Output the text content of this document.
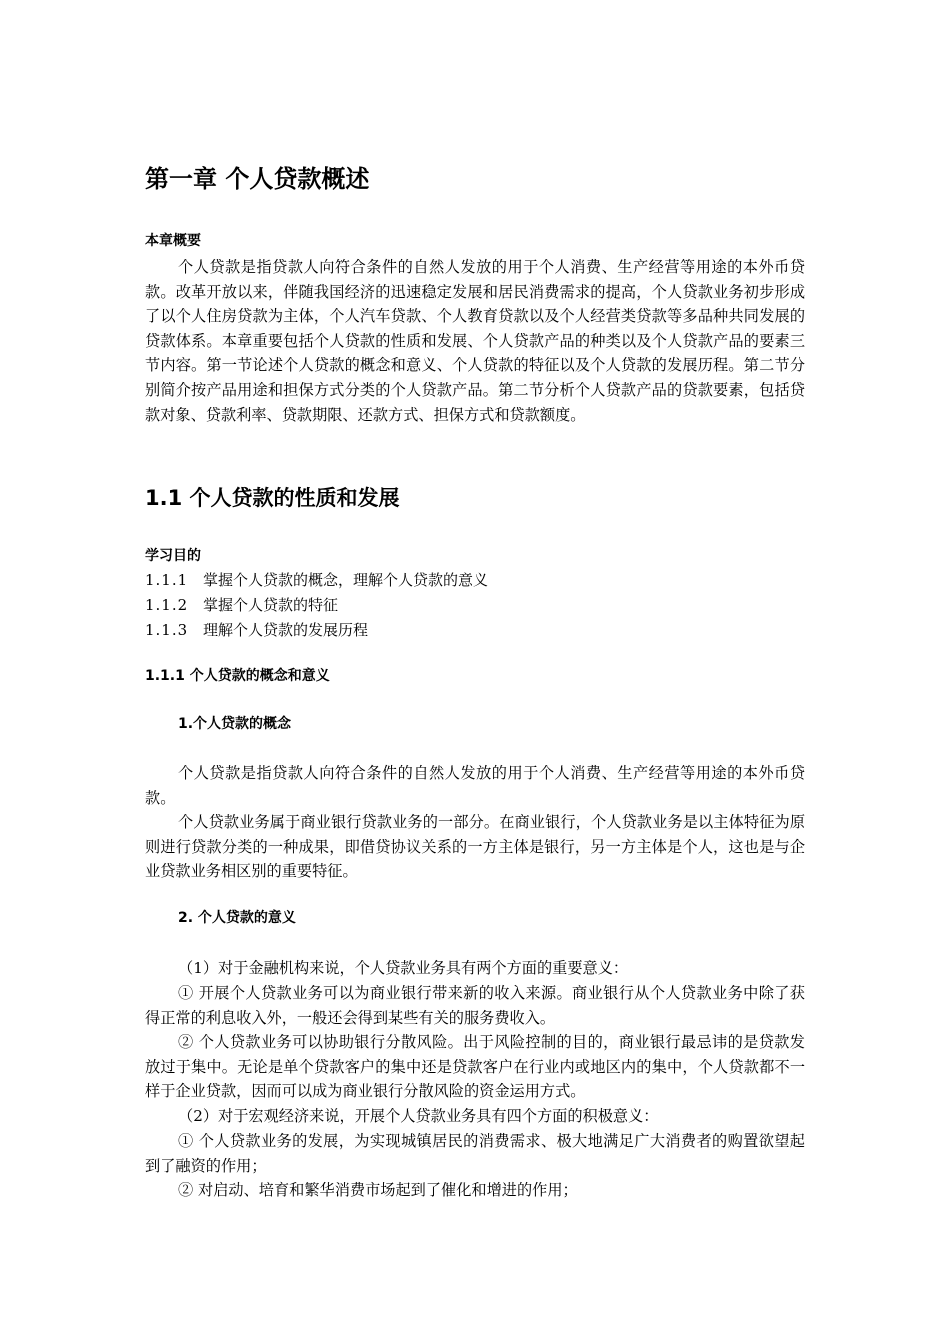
第一章 个人贷款概述
本章概要

个人贷款是指贷款人向符合条件的自然人发放的用于个人消费、生产经营等用途的本外币贷款。改革开放以来，伴随我国经济的迅速稳定发展和居民消费需求的提高，个人贷款业务初步形成了以个人住房贷款为主体，个人汽车贷款、个人教育贷款以及个人经营类贷款等多品种共同发展的贷款体系。本章重要包括个人贷款的性质和发展、个人贷款产品的种类以及个人贷款产品的要素三节内容。第一节论述个人贷款的概念和意义、个人贷款的特征以及个人贷款的发展历程。第二节分别简介按产品用途和担保方式分类的个人贷款产品。第二节分析个人贷款产品的贷款要素，包括贷款对象、贷款利率、贷款期限、还款方式、担保方式和贷款额度。

1.1 个人贷款的性质和发展
学习目的
1.1.1 掌握个人贷款的概念，理解个人贷款的意义
1.1.2 掌握个人贷款的特征
1.1.3 理解个人贷款的发展历程
1.1.1 个人贷款的概念和意义
1.个人贷款的概念

个人贷款是指贷款人向符合条件的自然人发放的用于个人消费、生产经营等用途的本外币贷款。

个人贷款业务属于商业银行贷款业务的一部分。在商业银行，个人贷款业务是以主体特征为原则进行贷款分类的一种成果，即借贷协议关系的一方主体是银行，另一方主体是个人，这也是与企业贷款业务相区别的重要特征。

2. 个人贷款的意义

（1）对于金融机构来说，个人贷款业务具有两个方面的重要意义：

① 开展个人贷款业务可以为商业银行带来新的收入来源。商业银行从个人贷款业务中除了获得正常的利息收入外，一般还会得到某些有关的服务费收入。

② 个人贷款业务可以协助银行分散风险。出于风险控制的目的，商业银行最忌讳的是贷款发放过于集中。无论是单个贷款客户的集中还是贷款客户在行业内或地区内的集中，个人贷款都不一样于企业贷款，因而可以成为商业银行分散风险的资金运用方式。

（2）对于宏观经济来说，开展个人贷款业务具有四个方面的积极意义：

① 个人贷款业务的发展，为实现城镇居民的消费需求、极大地满足广大消费者的购置欲望起到了融资的作用；

② 对启动、培育和繁华消费市场起到了催化和增进的作用；
